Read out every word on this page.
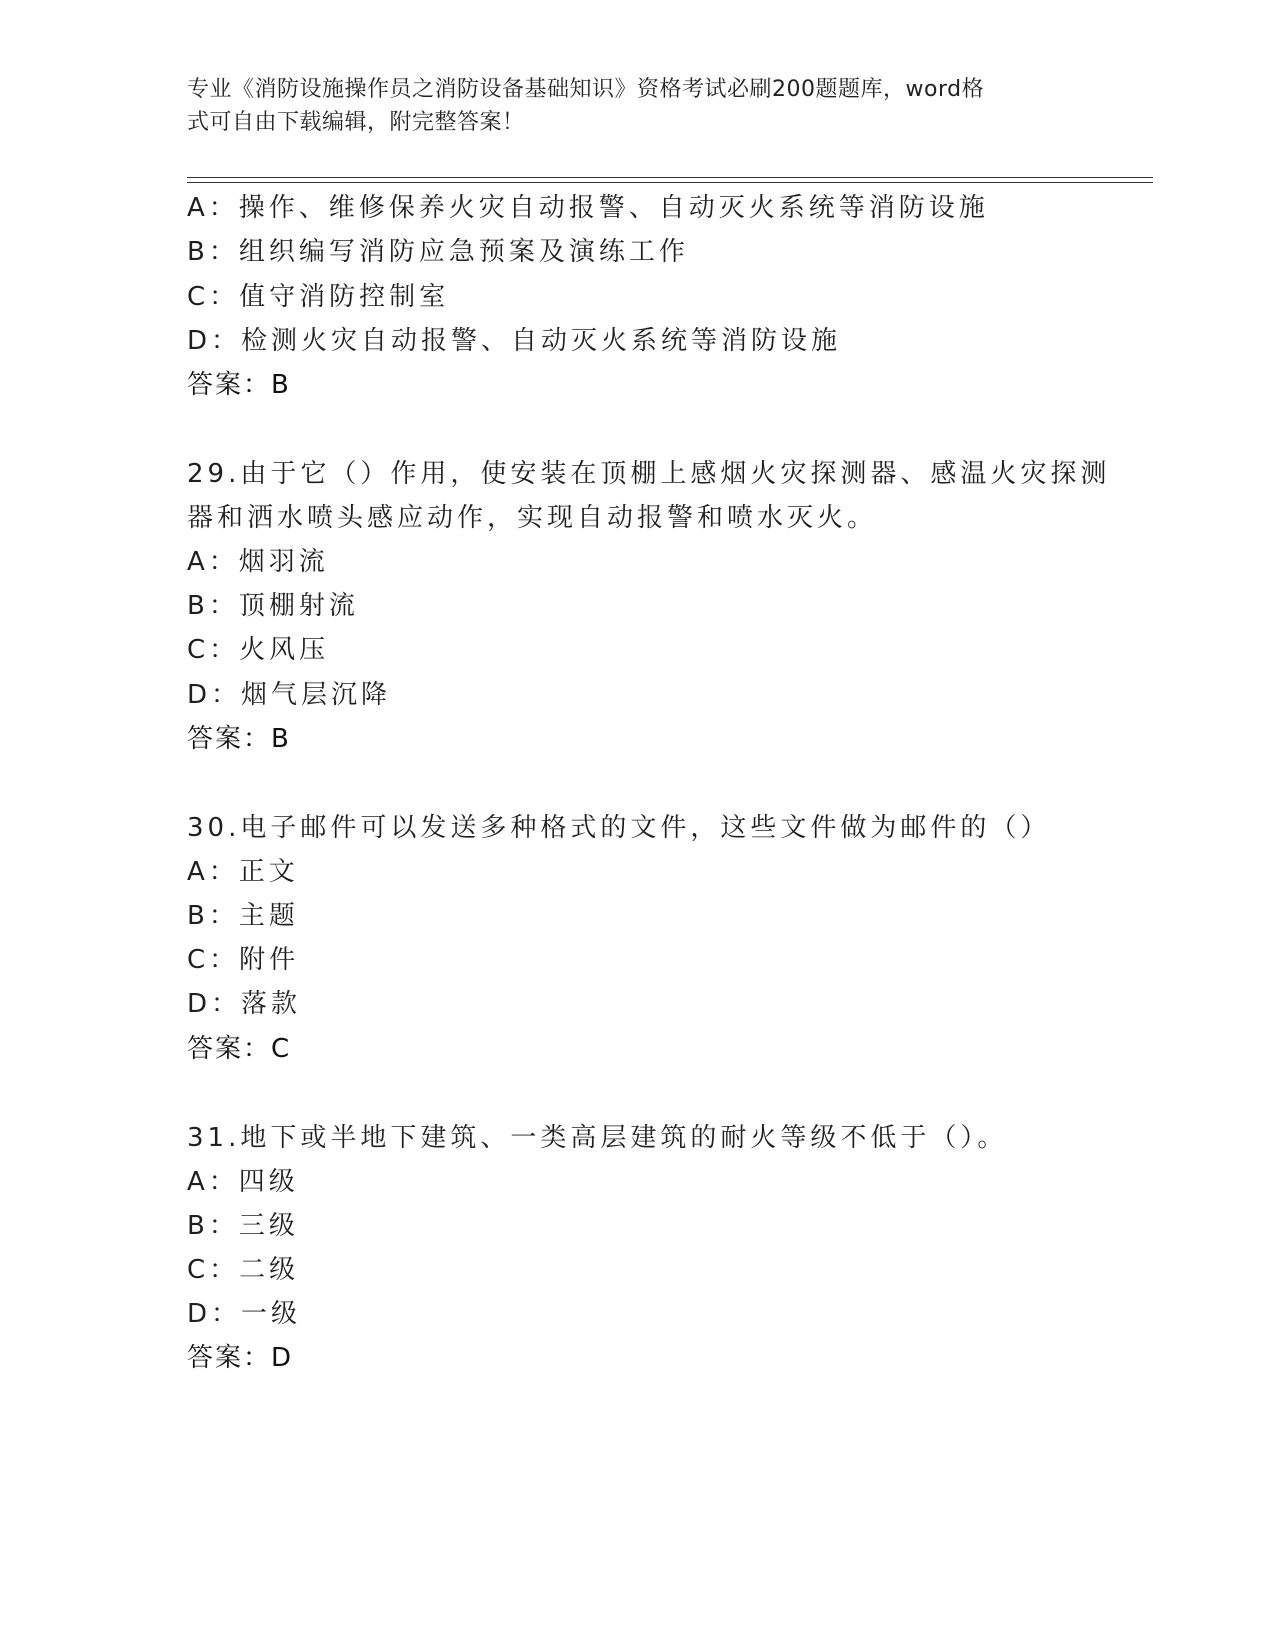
专业《消防设施操作员之消防设备基础知识》资格考试必刷200题题库，word格
式可自由下载编辑，附完整答案！
A：操作、维修保养火灾自动报警、自动灭火系统等消防设施
B：组织编写消防应急预案及演练工作
C：值守消防控制室
D：检测火灾自动报警、自动灭火系统等消防设施
答案：B
29.由于它（）作用，使安装在顶棚上感烟火灾探测器、感温火灾探测
器和洒水喷头感应动作，实现自动报警和喷水灭火。
A：烟羽流
B：顶棚射流
C：火风压
D：烟气层沉降
答案：B
30.电子邮件可以发送多种格式的文件，这些文件做为邮件的（）
A：正文
B：主题
C：附件
D：落款
答案：C
31.地下或半地下建筑、一类高层建筑的耐火等级不低于（）。
A：四级
B：三级
C：二级
D：一级
答案：D
